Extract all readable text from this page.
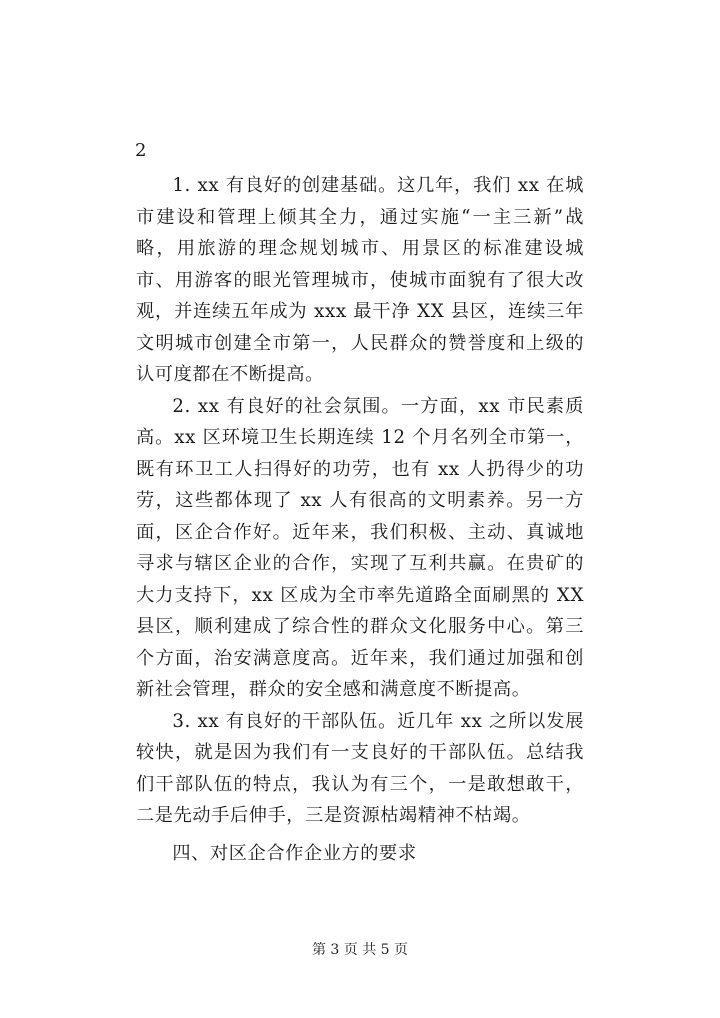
2

1. xx 有良好的创建基础。这几年，我们 xx 在城市建设和管理上倾其全力，通过实施“一主三新”战略，用旅游的理念规划城市、用景区的标准建设城市、用游客的眼光管理城市，使城市面貌有了很大改观，并连续五年成为 xxx 最干净 XX 县区，连续三年文明城市创建全市第一，人民群众的赞誉度和上级的认可度都在不断提高。

2. xx 有良好的社会氛围。一方面，xx 市民素质高。xx 区环境卫生长期连续 12 个月名列全市第一，既有环卫工人扫得好的功劳，也有 xx 人扔得少的功劳，这些都体现了 xx 人有很高的文明素养。另一方面，区企合作好。近年来，我们积极、主动、真诚地寻求与辖区企业的合作，实现了互利共赢。在贵矿的大力支持下，xx 区成为全市率先道路全面刷黑的 XX 县区，顺利建成了综合性的群众文化服务中心。第三个方面，治安满意度高。近年来，我们通过加强和创新社会管理，群众的安全感和满意度不断提高。

3. xx 有良好的干部队伍。近几年 xx 之所以发展较快，就是因为我们有一支良好的干部队伍。总结我们干部队伍的特点，我认为有三个，一是敢想敢干，二是先动手后伸手，三是资源枯竭精神不枯竭。

四、对区企合作企业方的要求

第 3 页 共 5 页
